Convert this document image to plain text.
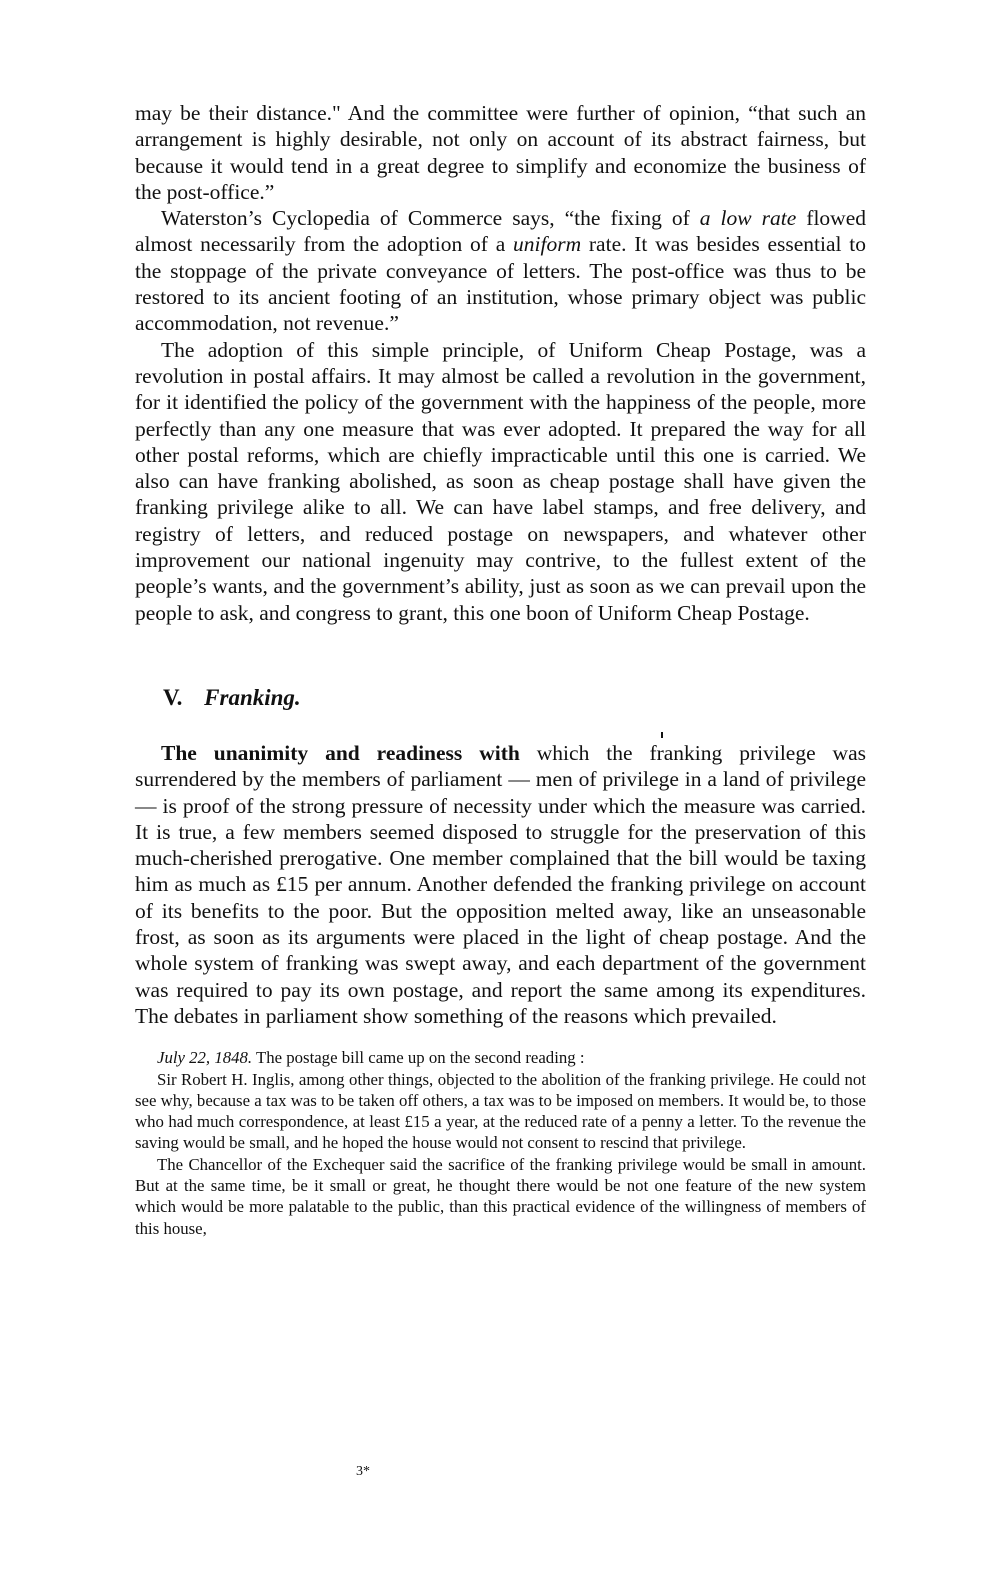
may be their distance." And the committee were further of opinion, “that such an arrangement is highly desirable, not only on account of its abstract fairness, but because it would tend in a great degree to simplify and economize the business of the post-office.”

Waterston’s Cyclopedia of Commerce says, “the fixing of a low rate flowed almost necessarily from the adoption of a uniform rate. It was besides essential to the stoppage of the private conveyance of letters. The post-office was thus to be restored to its ancient footing of an institution, whose primary object was public accommodation, not revenue.”

The adoption of this simple principle, of Uniform Cheap Postage, was a revolution in postal affairs. It may almost be called a revolution in the government, for it identified the policy of the government with the happiness of the people, more perfectly than any one measure that was ever adopted. It prepared the way for all other postal reforms, which are chiefly impracticable until this one is carried. We also can have franking abolished, as soon as cheap postage shall have given the franking privilege alike to all. We can have label stamps, and free delivery, and registry of letters, and reduced postage on newspapers, and whatever other improvement our national ingenuity may contrive, to the fullest extent of the people’s wants, and the government’s ability, just as soon as we can prevail upon the people to ask, and congress to grant, this one boon of Uniform Cheap Postage.

V. Franking.

The unanimity and readiness with which the franking privilege was surrendered by the members of parliament — men of privilege in a land of privilege — is proof of the strong pressure of necessity under which the measure was carried. It is true, a few members seemed disposed to struggle for the preservation of this much-cherished prerogative. One member complained that the bill would be taxing him as much as £15 per annum. Another defended the franking privilege on account of its benefits to the poor. But the opposition melted away, like an unseasonable frost, as soon as its arguments were placed in the light of cheap postage. And the whole system of franking was swept away, and each department of the government was required to pay its own postage, and report the same among its expenditures. The debates in parliament show something of the reasons which prevailed.

July 22, 1848. The postage bill came up on the second reading :

Sir Robert H. Inglis, among other things, objected to the abolition of the franking privilege. He could not see why, because a tax was to be taken off others, a tax was to be imposed on members. It would be, to those who had much correspondence, at least £15 a year, at the reduced rate of a penny a letter. To the revenue the saving would be small, and he hoped the house would not consent to rescind that privilege.

The Chancellor of the Exchequer said the sacrifice of the franking privilege would be small in amount. But at the same time, be it small or great, he thought there would be not one feature of the new system which would be more palatable to the public, than this practical evidence of the willingness of members of this house,

3*
